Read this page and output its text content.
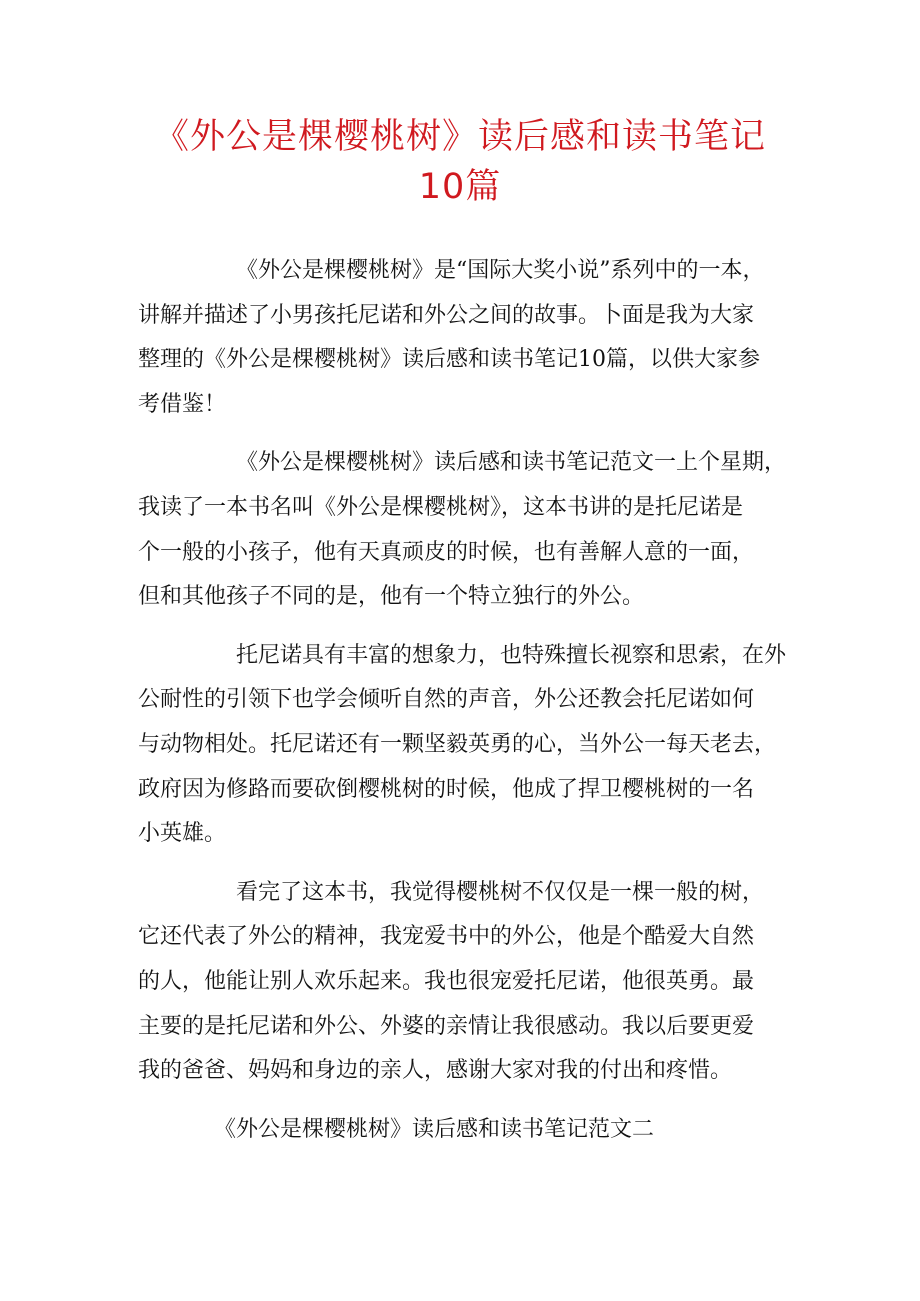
《外公是棵樱桃树》读后感和读书笔记
10篇
《外公是棵樱桃树》是“国际大奖小说”系列中的一本，
讲解并描述了小男孩托尼诺和外公之间的故事。卜面是我为大家
整理的《外公是棵樱桃树》读后感和读书笔记10篇，以供大家参
考借鉴！
《外公是棵樱桃树》读后感和读书笔记范文一上个星期，
我读了一本书名叫《外公是棵樱桃树》，这本书讲的是托尼诺是
个一般的小孩子，他有天真顽皮的时候，也有善解人意的一面，
但和其他孩子不同的是，他有一个特立独行的外公。
托尼诺具有丰富的想象力，也特殊擅长视察和思索，在外
公耐性的引领下也学会倾听自然的声音，外公还教会托尼诺如何
与动物相处。托尼诺还有一颗坚毅英勇的心，当外公一每天老去，
政府因为修路而要砍倒樱桃树的时候，他成了捍卫樱桃树的一名
小英雄。
看完了这本书，我觉得樱桃树不仅仅是一棵一般的树，
它还代表了外公的精神，我宠爱书中的外公，他是个酷爱大自然
的人，他能让别人欢乐起来。我也很宠爱托尼诺，他很英勇。最
主要的是托尼诺和外公、外婆的亲情让我很感动。我以后要更爱
我的爸爸、妈妈和身边的亲人，感谢大家对我的付出和疼惜。
《外公是棵樱桃树》读后感和读书笔记范文二
